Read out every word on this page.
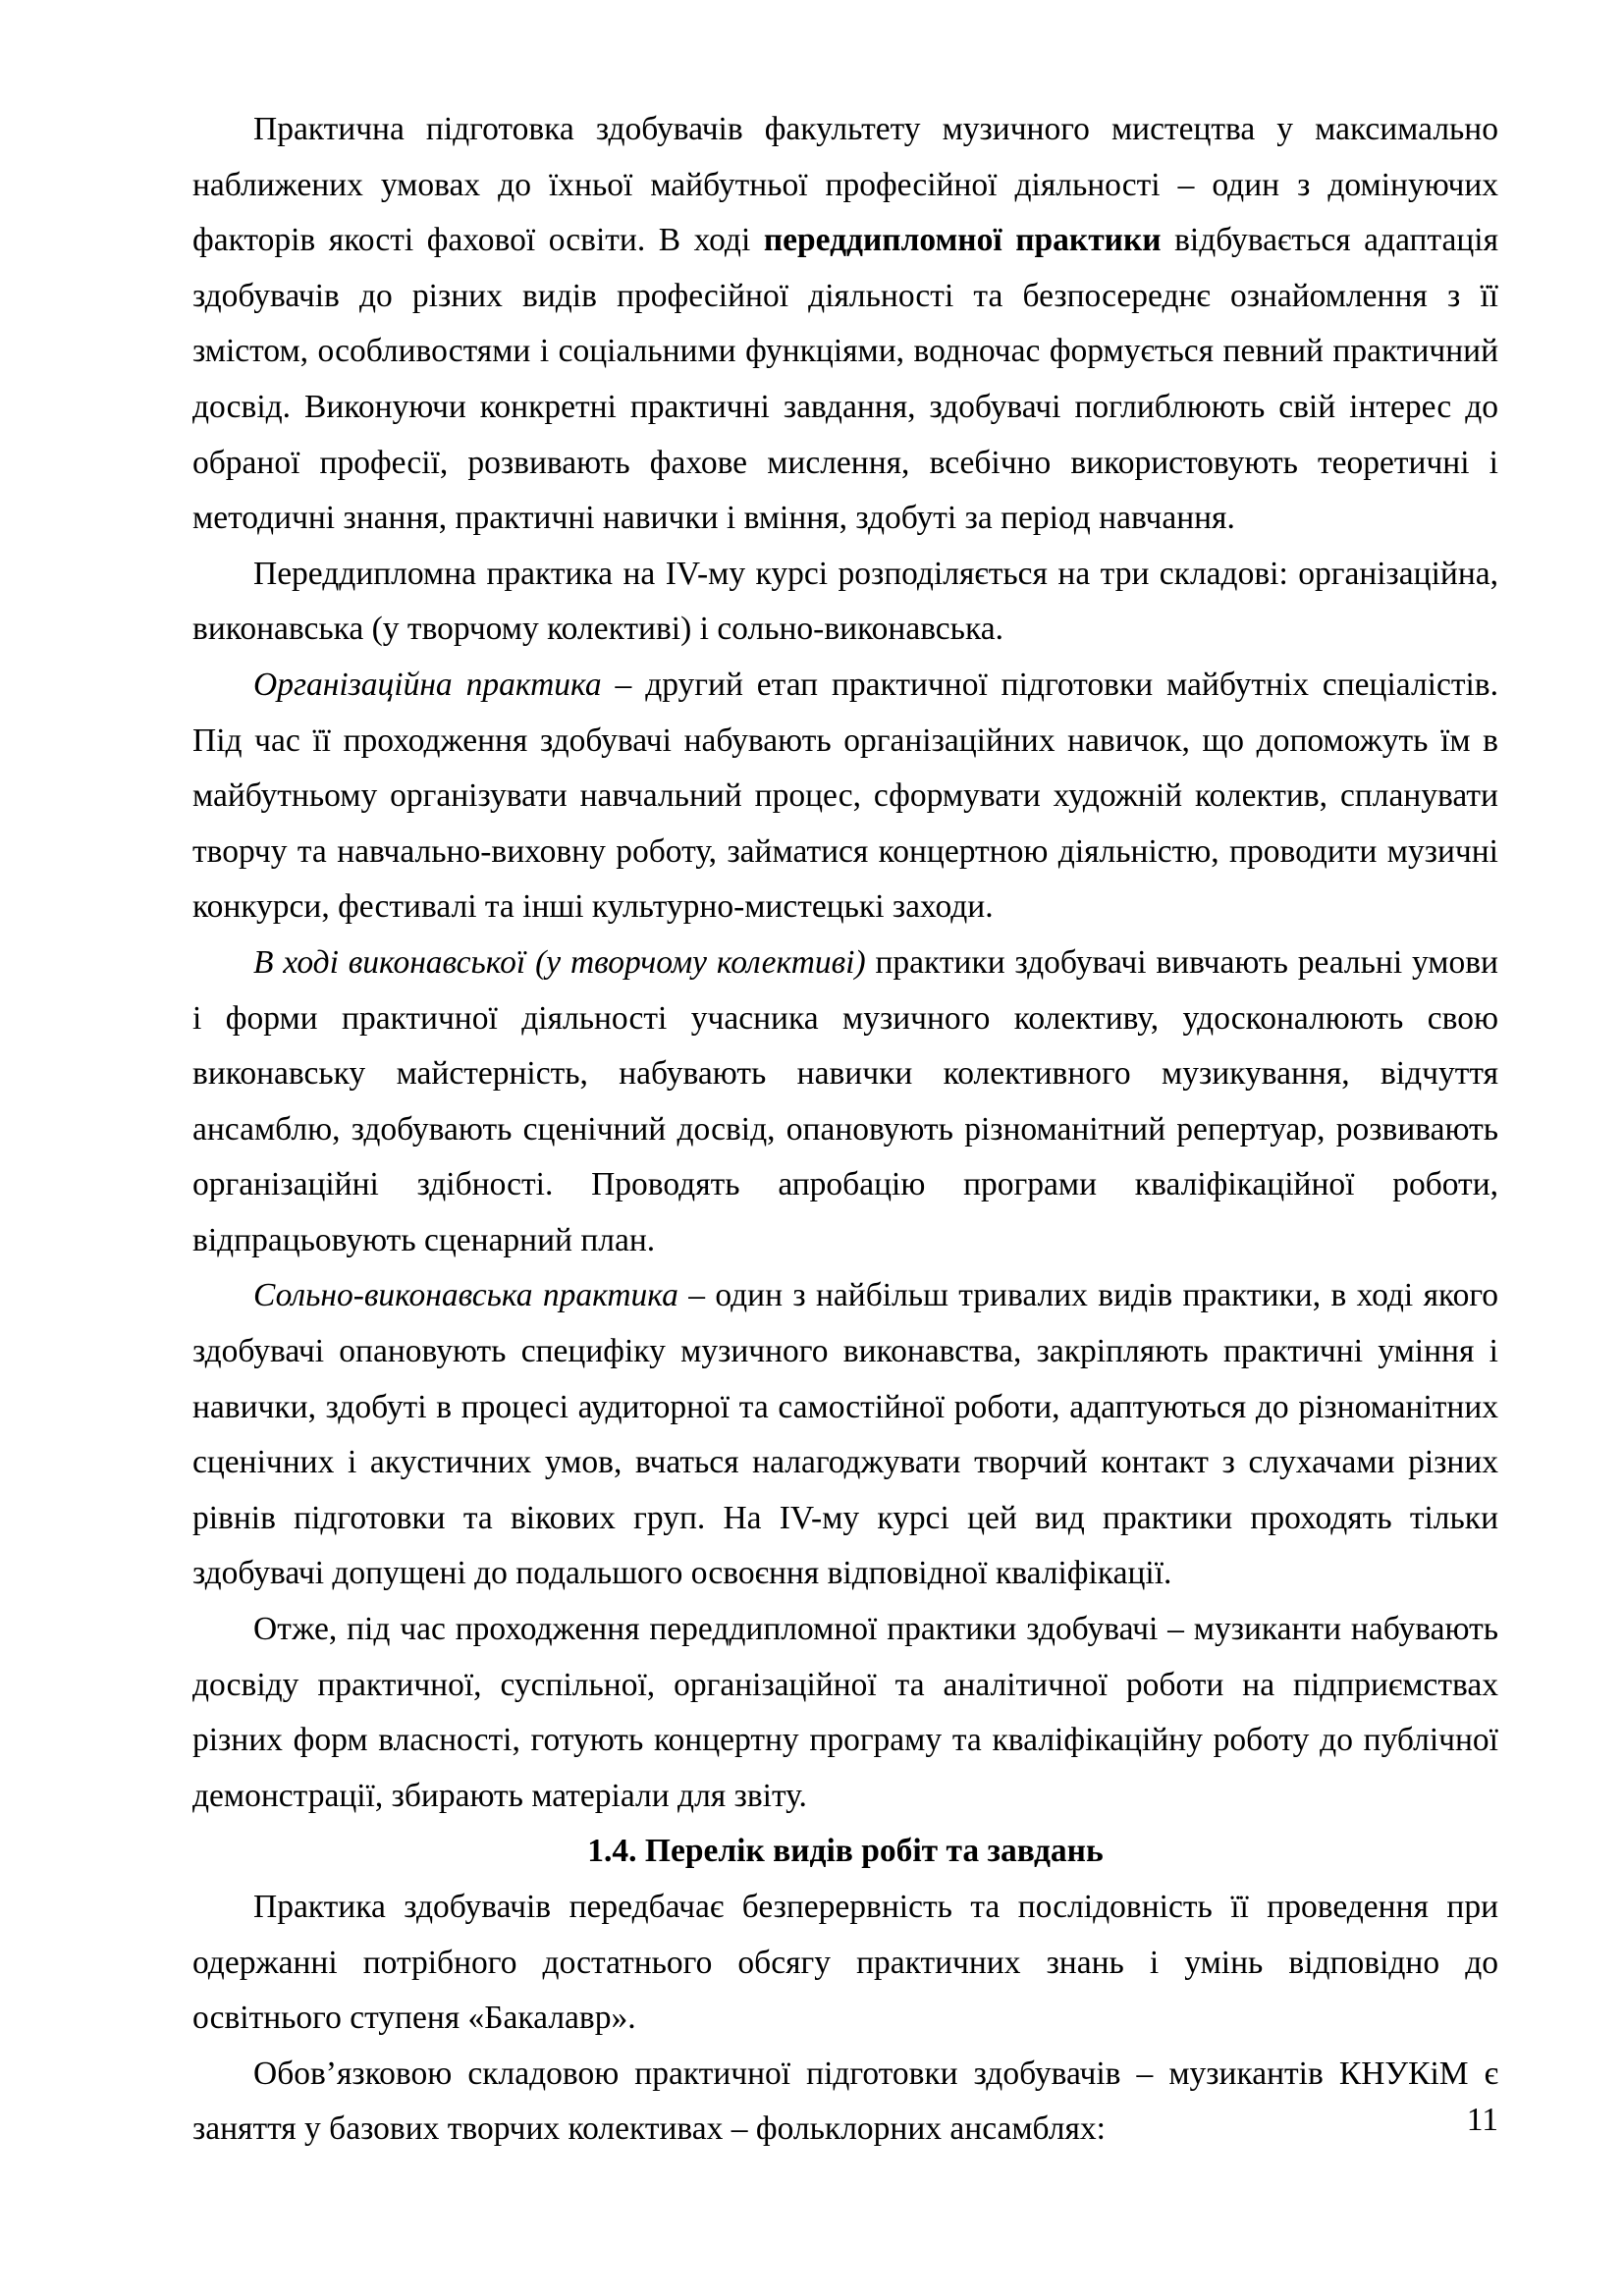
Практична підготовка здобувачів факультету музичного мистецтва у максимально наближених умовах до їхньої майбутньої професійної діяльності – один з домінуючих факторів якості фахової освіти. В ході переддипломної практики відбувається адаптація здобувачів до різних видів професійної діяльності та безпосереднє ознайомлення з її змістом, особливостями і соціальними функціями, водночас формується певний практичний досвід. Виконуючи конкретні практичні завдання, здобувачі поглиблюють свій інтерес до обраної професії, розвивають фахове мислення, всебічно використовують теоретичні і методичні знання, практичні навички і вміння, здобуті за період навчання.

Переддипломна практика на IV-му курсі розподіляється на три складові: організаційна, виконавська (у творчому колективі) і сольно-виконавська.

Організаційна практика – другий етап практичної підготовки майбутніх спеціалістів. Під час її проходження здобувачі набувають організаційних навичок, що допоможуть їм в майбутньому організувати навчальний процес, сформувати художній колектив, спланувати творчу та навчально-виховну роботу, займатися концертною діяльністю, проводити музичні конкурси, фестивалі та інші культурно-мистецькі заходи.

В ході виконавської (у творчому колективі) практики здобувачі вивчають реальні умови і форми практичної діяльності учасника музичного колективу, удосконалюють свою виконавську майстерність, набувають навички колективного музикування, відчуття ансамблю, здобувають сценічний досвід, опановують різноманітний репертуар, розвивають організаційні здібності. Проводять апробацію програми кваліфікаційної роботи, відпрацьовують сценарний план.

Сольно-виконавська практика – один з найбільш тривалих видів практики, в ході якого здобувачі опановують специфіку музичного виконавства, закріпляють практичні уміння і навички, здобуті в процесі аудиторної та самостійної роботи, адаптуються до різноманітних сценічних і акустичних умов, вчаться налагоджувати творчий контакт з слухачами різних рівнів підготовки та вікових груп. На IV-му курсі цей вид практики проходять тільки здобувачі допущені до подальшого освоєння відповідної кваліфікації.

Отже, під час проходження переддипломної практики здобувачі – музиканти набувають досвіду практичної, суспільної, організаційної та аналітичної роботи на підприємствах різних форм власності, готують концертну програму та кваліфікаційну роботу до публічної демонстрації, збирають матеріали для звіту.

1.4. Перелік видів робіт та завдань

Практика здобувачів передбачає безперервність та послідовність її проведення при одержанні потрібного достатнього обсягу практичних знань і умінь відповідно до освітнього ступеня «Бакалавр».

Обов’язковою складовою практичної підготовки здобувачів – музикантів КНУКіМ є заняття у базових творчих колективах – фольклорних ансамблях:	11
